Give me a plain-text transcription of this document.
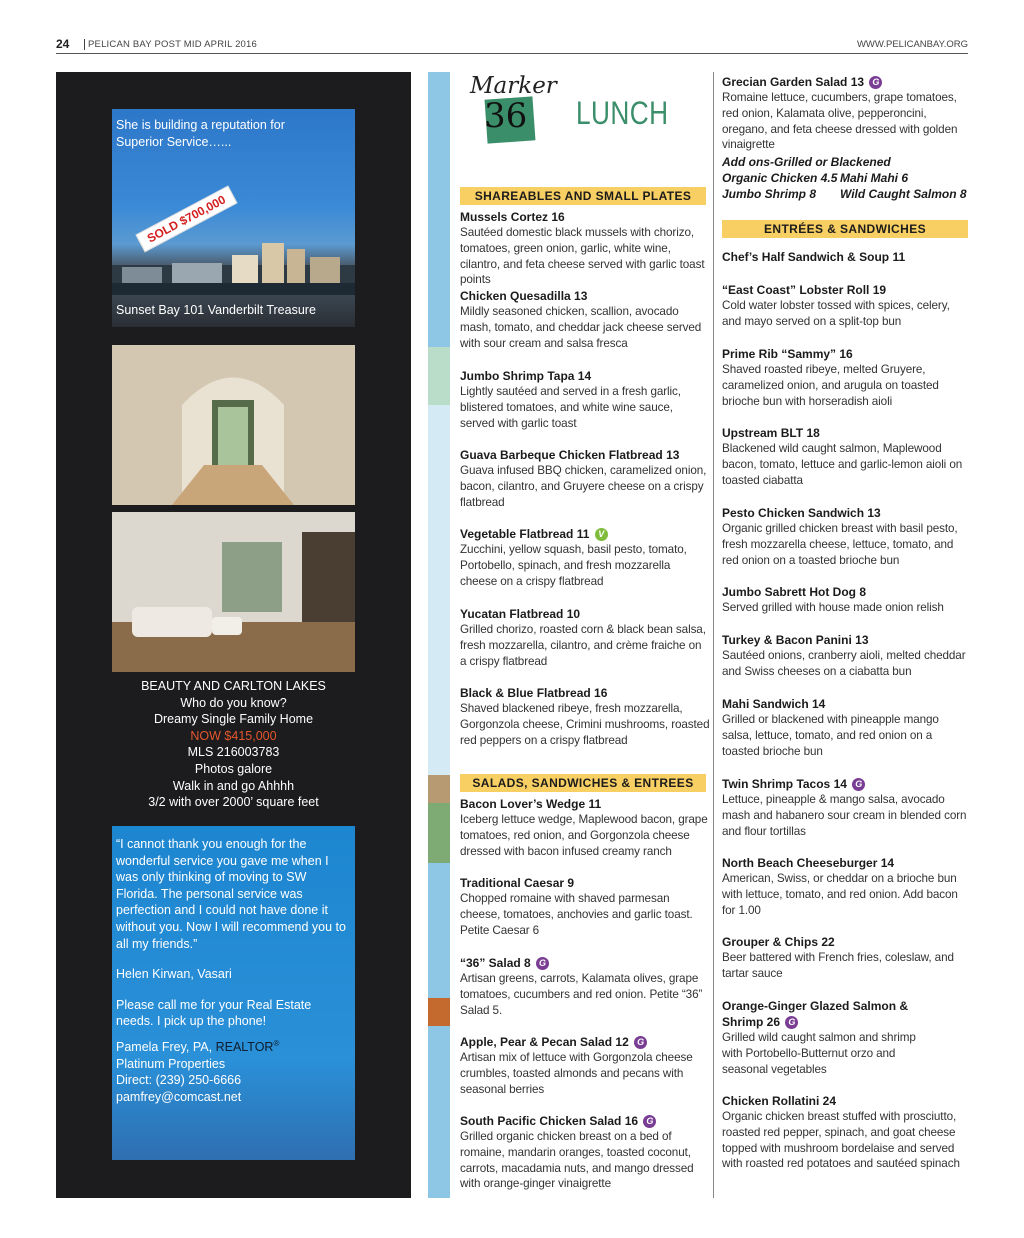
24 PELICAN BAY POST MID APRIL 2016	WWW.PELICANBAY.ORG
She is building a reputation for Superior Service…...
SOLD $700,000
Sunset Bay 101 Vanderbilt Treasure
BEAUTY AND CARLTON LAKES
Who do you know?
Dreamy Single Family Home
NOW $415,000
MLS 216003783
Photos galore
Walk in and go Ahhhh
3/2 with over 2000’ square feet

“I cannot thank you enough for the wonderful service you gave me when I was only thinking of moving to SW Florida. The personal service was perfection and I could not have done it without you. Now I will recommend you to all my friends.”

Helen Kirwan, Vasari

Please call me for your Real Estate needs. I pick up the phone!

Pamela Frey, PA, REALTOR®

Platinum Properties

Direct: (239) 250-6666

pamfrey@comcast.net

Marker
36 LUNCH
SHAREABLES AND SMALL PLATES
Mussels Cortez 16
Sautéed domestic black mussels with chorizo, tomatoes, green onion, garlic, white wine, cilantro, and feta cheese served with garlic toast points
Chicken Quesadilla 13
Mildly seasoned chicken, scallion, avocado mash, tomato, and cheddar jack cheese served with sour cream and salsa fresca
Jumbo Shrimp Tapa 14
Lightly sautéed and served in a fresh garlic, blistered tomatoes, and white wine sauce, served with garlic toast
Guava Barbeque Chicken Flatbread 13
Guava infused BBQ chicken, caramelized onion, bacon, cilantro, and Gruyere cheese on a crispy flatbread
Vegetable Flatbread 11 V
Zucchini, yellow squash, basil pesto, tomato, Portobello, spinach, and fresh mozzarella cheese on a crispy flatbread
Yucatan Flatbread 10
Grilled chorizo, roasted corn & black bean salsa, fresh mozzarella, cilantro, and crème fraiche on a crispy flatbread
Black & Blue Flatbread 16
Shaved blackened ribeye, fresh mozzarella, Gorgonzola cheese, Crimini mushrooms, roasted red peppers on a crispy flatbread
SALADS, SANDWICHES & ENTREES
Bacon Lover’s Wedge 11
Iceberg lettuce wedge, Maplewood bacon, grape tomatoes, red onion, and Gorgonzola cheese dressed with bacon infused creamy ranch
Traditional Caesar 9
Chopped romaine with shaved parmesan cheese, tomatoes, anchovies and garlic toast. Petite Caesar 6
“36” Salad 8 G
Artisan greens, carrots, Kalamata olives, grape tomatoes, cucumbers and red onion. Petite “36” Salad 5.
Apple, Pear & Pecan Salad 12 G
Artisan mix of lettuce with Gorgonzola cheese crumbles, toasted almonds and pecans with seasonal berries
South Pacific Chicken Salad 16 G
Grilled organic chicken breast on a bed of romaine, mandarin oranges, toasted coconut, carrots, macadamia nuts, and mango dressed with orange-ginger vinaigrette
Grecian Garden Salad 13 G
Romaine lettuce, cucumbers, grape tomatoes, red onion, Kalamata olive, pepperoncini, oregano, and feta cheese dressed with golden vinaigrette
Add ons-Grilled or Blackened
Organic Chicken 4.5 Mahi Mahi 6
Jumbo Shrimp 8	Wild Caught Salmon 8
ENTRÉES & SANDWICHES
Chef’s Half Sandwich & Soup 11
“East Coast” Lobster Roll 19
Cold water lobster tossed with spices, celery, and mayo served on a split-top bun
Prime Rib “Sammy” 16
Shaved roasted ribeye, melted Gruyere, caramelized onion, and arugula on toasted brioche bun with horseradish aioli
Upstream BLT 18
Blackened wild caught salmon, Maplewood bacon, tomato, lettuce and garlic-lemon aioli on toasted ciabatta
Pesto Chicken Sandwich 13
Organic grilled chicken breast with basil pesto, fresh mozzarella cheese, lettuce, tomato, and red onion on a toasted brioche bun
Jumbo Sabrett Hot Dog 8
Served grilled with house made onion relish
Turkey & Bacon Panini 13
Sautéed onions, cranberry aioli, melted cheddar and Swiss cheeses on a ciabatta bun
Mahi Sandwich 14
Grilled or blackened with pineapple mango salsa, lettuce, tomato, and red onion on a toasted brioche bun
Twin Shrimp Tacos 14 G
Lettuce, pineapple & mango salsa, avocado mash and habanero sour cream in blended corn and flour tortillas
North Beach Cheeseburger 14
American, Swiss, or cheddar on a brioche bun with lettuce, tomato, and red onion. Add bacon for 1.00
Grouper & Chips 22
Beer battered with French fries, coleslaw, and tartar sauce
Orange-Ginger Glazed Salmon & Shrimp 26 G
Grilled wild caught salmon and shrimp with Portobello-Butternut orzo and seasonal vegetables
Chicken Rollatini 24
Organic chicken breast stuffed with prosciutto, roasted red pepper, spinach, and goat cheese topped with mushroom bordelaise and served with roasted red potatoes and sautéed spinach
